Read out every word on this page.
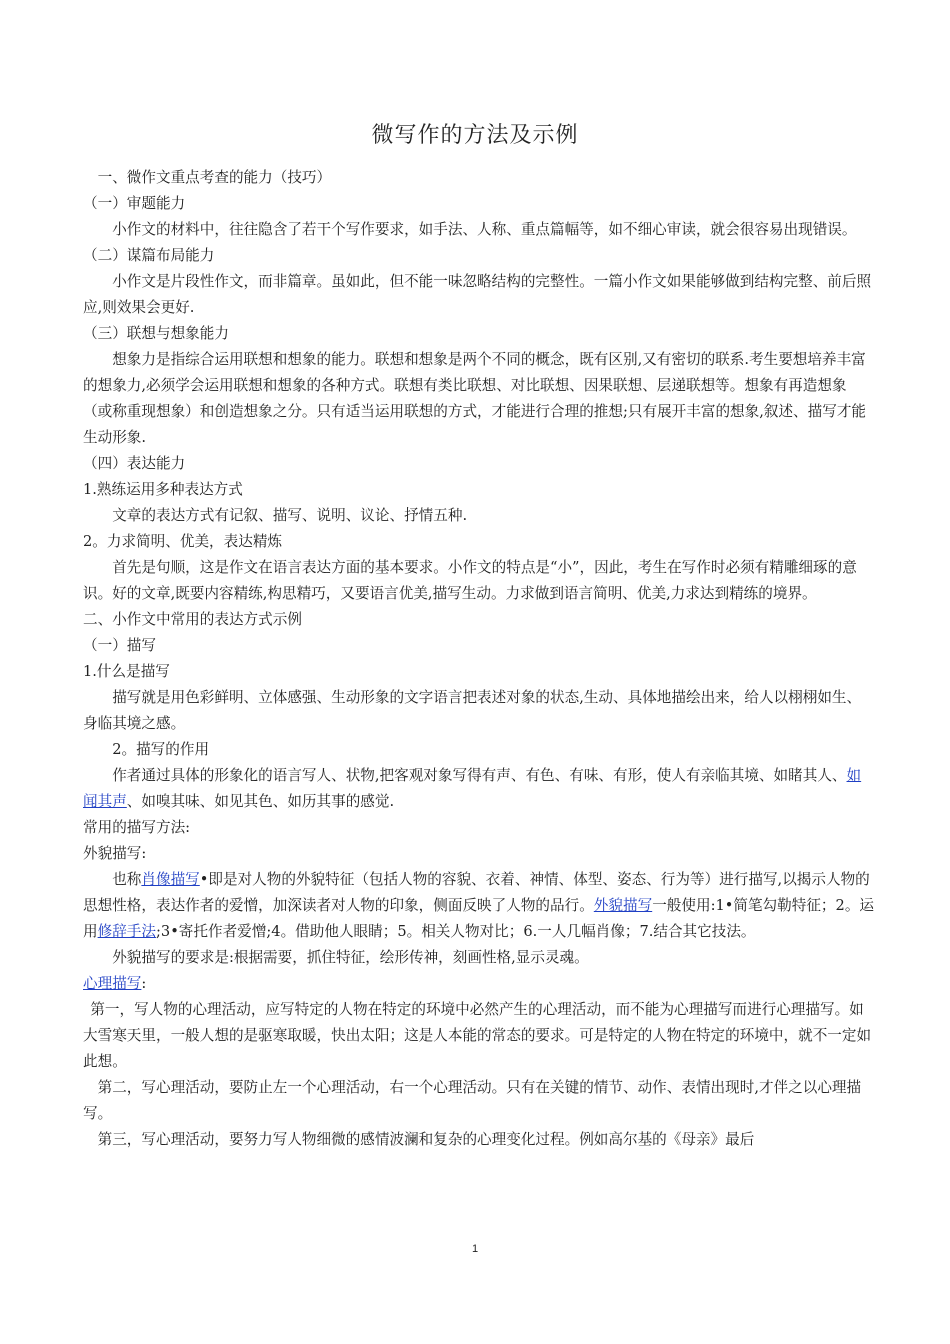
微写作的方法及示例

一、微作文重点考查的能力（技巧）

（一）审题能力

小作文的材料中，往往隐含了若干个写作要求，如手法、人称、重点篇幅等，如不细心审读，就会很容易出现错误。

（二）谋篇布局能力

小作文是片段性作文，而非篇章。虽如此，但不能一味忽略结构的完整性。一篇小作文如果能够做到结构完整、前后照应,则效果会更好.

（三）联想与想象能力

想象力是指综合运用联想和想象的能力。联想和想象是两个不同的概念，既有区别,又有密切的联系.考生要想培养丰富的想象力,必须学会运用联想和想象的各种方式。联想有类比联想、对比联想、因果联想、层递联想等。想象有再造想象（或称重现想象）和创造想象之分。只有适当运用联想的方式，才能进行合理的推想;只有展开丰富的想象,叙述、描写才能生动形象.

（四）表达能力

1.熟练运用多种表达方式

文章的表达方式有记叙、描写、说明、议论、抒情五种.

2。力求简明、优美，表达精炼

首先是句顺，这是作文在语言表达方面的基本要求。小作文的特点是“小”，因此，考生在写作时必须有精雕细琢的意识。好的文章,既要内容精练,构思精巧，又要语言优美,描写生动。力求做到语言简明、优美,力求达到精练的境界。

二、小作文中常用的表达方式示例

（一）描写

1.什么是描写

描写就是用色彩鲜明、立体感强、生动形象的文字语言把表述对象的状态,生动、具体地描绘出来，给人以栩栩如生、身临其境之感。

2。描写的作用

作者通过具体的形象化的语言写人、状物,把客观对象写得有声、有色、有味、有形，使人有亲临其境、如睹其人、如闻其声、如嗅其味、如见其色、如历其事的感觉.

常用的描写方法:

外貌描写:

也称肖像描写•即是对人物的外貌特征（包括人物的容貌、衣着、神情、体型、姿态、行为等）进行描写,以揭示人物的思想性格，表达作者的爱憎，加深读者对人物的印象，侧面反映了人物的品行。外貌描写一般使用:1•简笔勾勒特征；2。运用修辞手法;3•寄托作者爱憎;4。借助他人眼睛；5。相关人物对比；6.一人几幅肖像；7.结合其它技法。

外貌描写的要求是:根据需要，抓住特征，绘形传神，刻画性格,显示灵魂。

心理描写:

第一，写人物的心理活动，应写特定的人物在特定的环境中必然产生的心理活动，而不能为心理描写而进行心理描写。如大雪寒天里，一般人想的是驱寒取暖，快出太阳；这是人本能的常态的要求。可是特定的人物在特定的环境中，就不一定如此想。

第二，写心理活动，要防止左一个心理活动，右一个心理活动。只有在关键的情节、动作、表情出现时,才伴之以心理描写。

第三，写心理活动，要努力写人物细微的感情波澜和复杂的心理变化过程。例如高尔基的《母亲》最后

1
